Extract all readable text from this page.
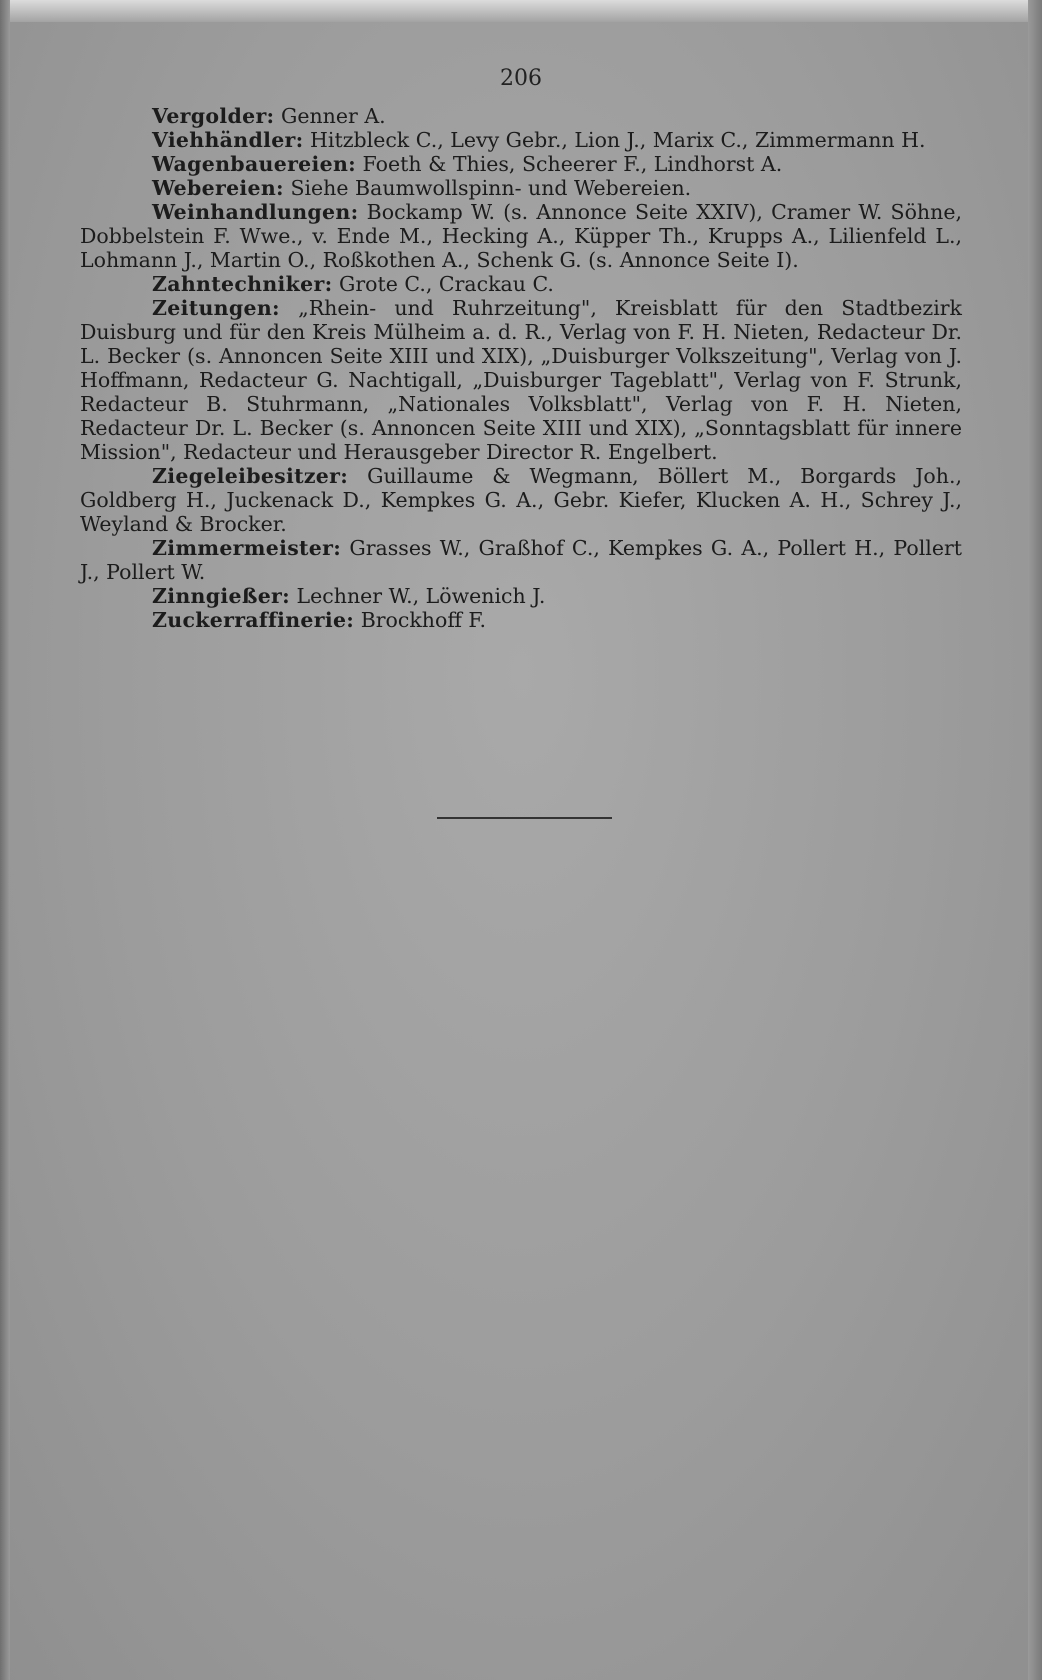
206

Vergolder: Genner A.

Viehhändler: Hitzbleck C., Levy Gebr., Lion J., Marix C., Zimmermann H.

Wagenbauereien: Foeth & Thies, Scheerer F., Lindhorst A.

Webereien: Siehe Baumwollspinn- und Webereien.

Weinhandlungen: Bockamp W. (s. Annonce Seite XXIV), Cramer W. Söhne, Dobbelstein F. Wwe., v. Ende M., Hecking A., Küpper Th., Krupps A., Lilienfeld L., Lohmann J., Martin O., Roßkothen A., Schenk G. (s. Annonce Seite I).

Zahntechniker: Grote C., Crackau C.

Zeitungen: „Rhein- und Ruhrzeitung", Kreisblatt für den Stadtbezirk Duisburg und für den Kreis Mülheim a. d. R., Verlag von F. H. Nieten, Redacteur Dr. L. Becker (s. Annoncen Seite XIII und XIX), „Duisburger Volkszeitung", Verlag von J. Hoffmann, Redacteur G. Nachtigall, „Duisburger Tageblatt", Verlag von F. Strunk, Redacteur B. Stuhrmann, „Nationales Volksblatt", Verlag von F. H. Nieten, Redacteur Dr. L. Becker (s. Annoncen Seite XIII und XIX), „Sonntagsblatt für innere Mission", Redacteur und Herausgeber Director R. Engelbert.

Ziegeleibesitzer: Guillaume & Wegmann, Böllert M., Borgards Joh., Goldberg H., Juckenack D., Kempkes G. A., Gebr. Kiefer, Klucken A. H., Schrey J., Weyland & Brocker.

Zimmermeister: Grasses W., Graßhof C., Kempkes G. A., Pollert H., Pollert J., Pollert W.

Zinngießer: Lechner W., Löwenich J.

Zuckerraffinerie: Brockhoff F.
